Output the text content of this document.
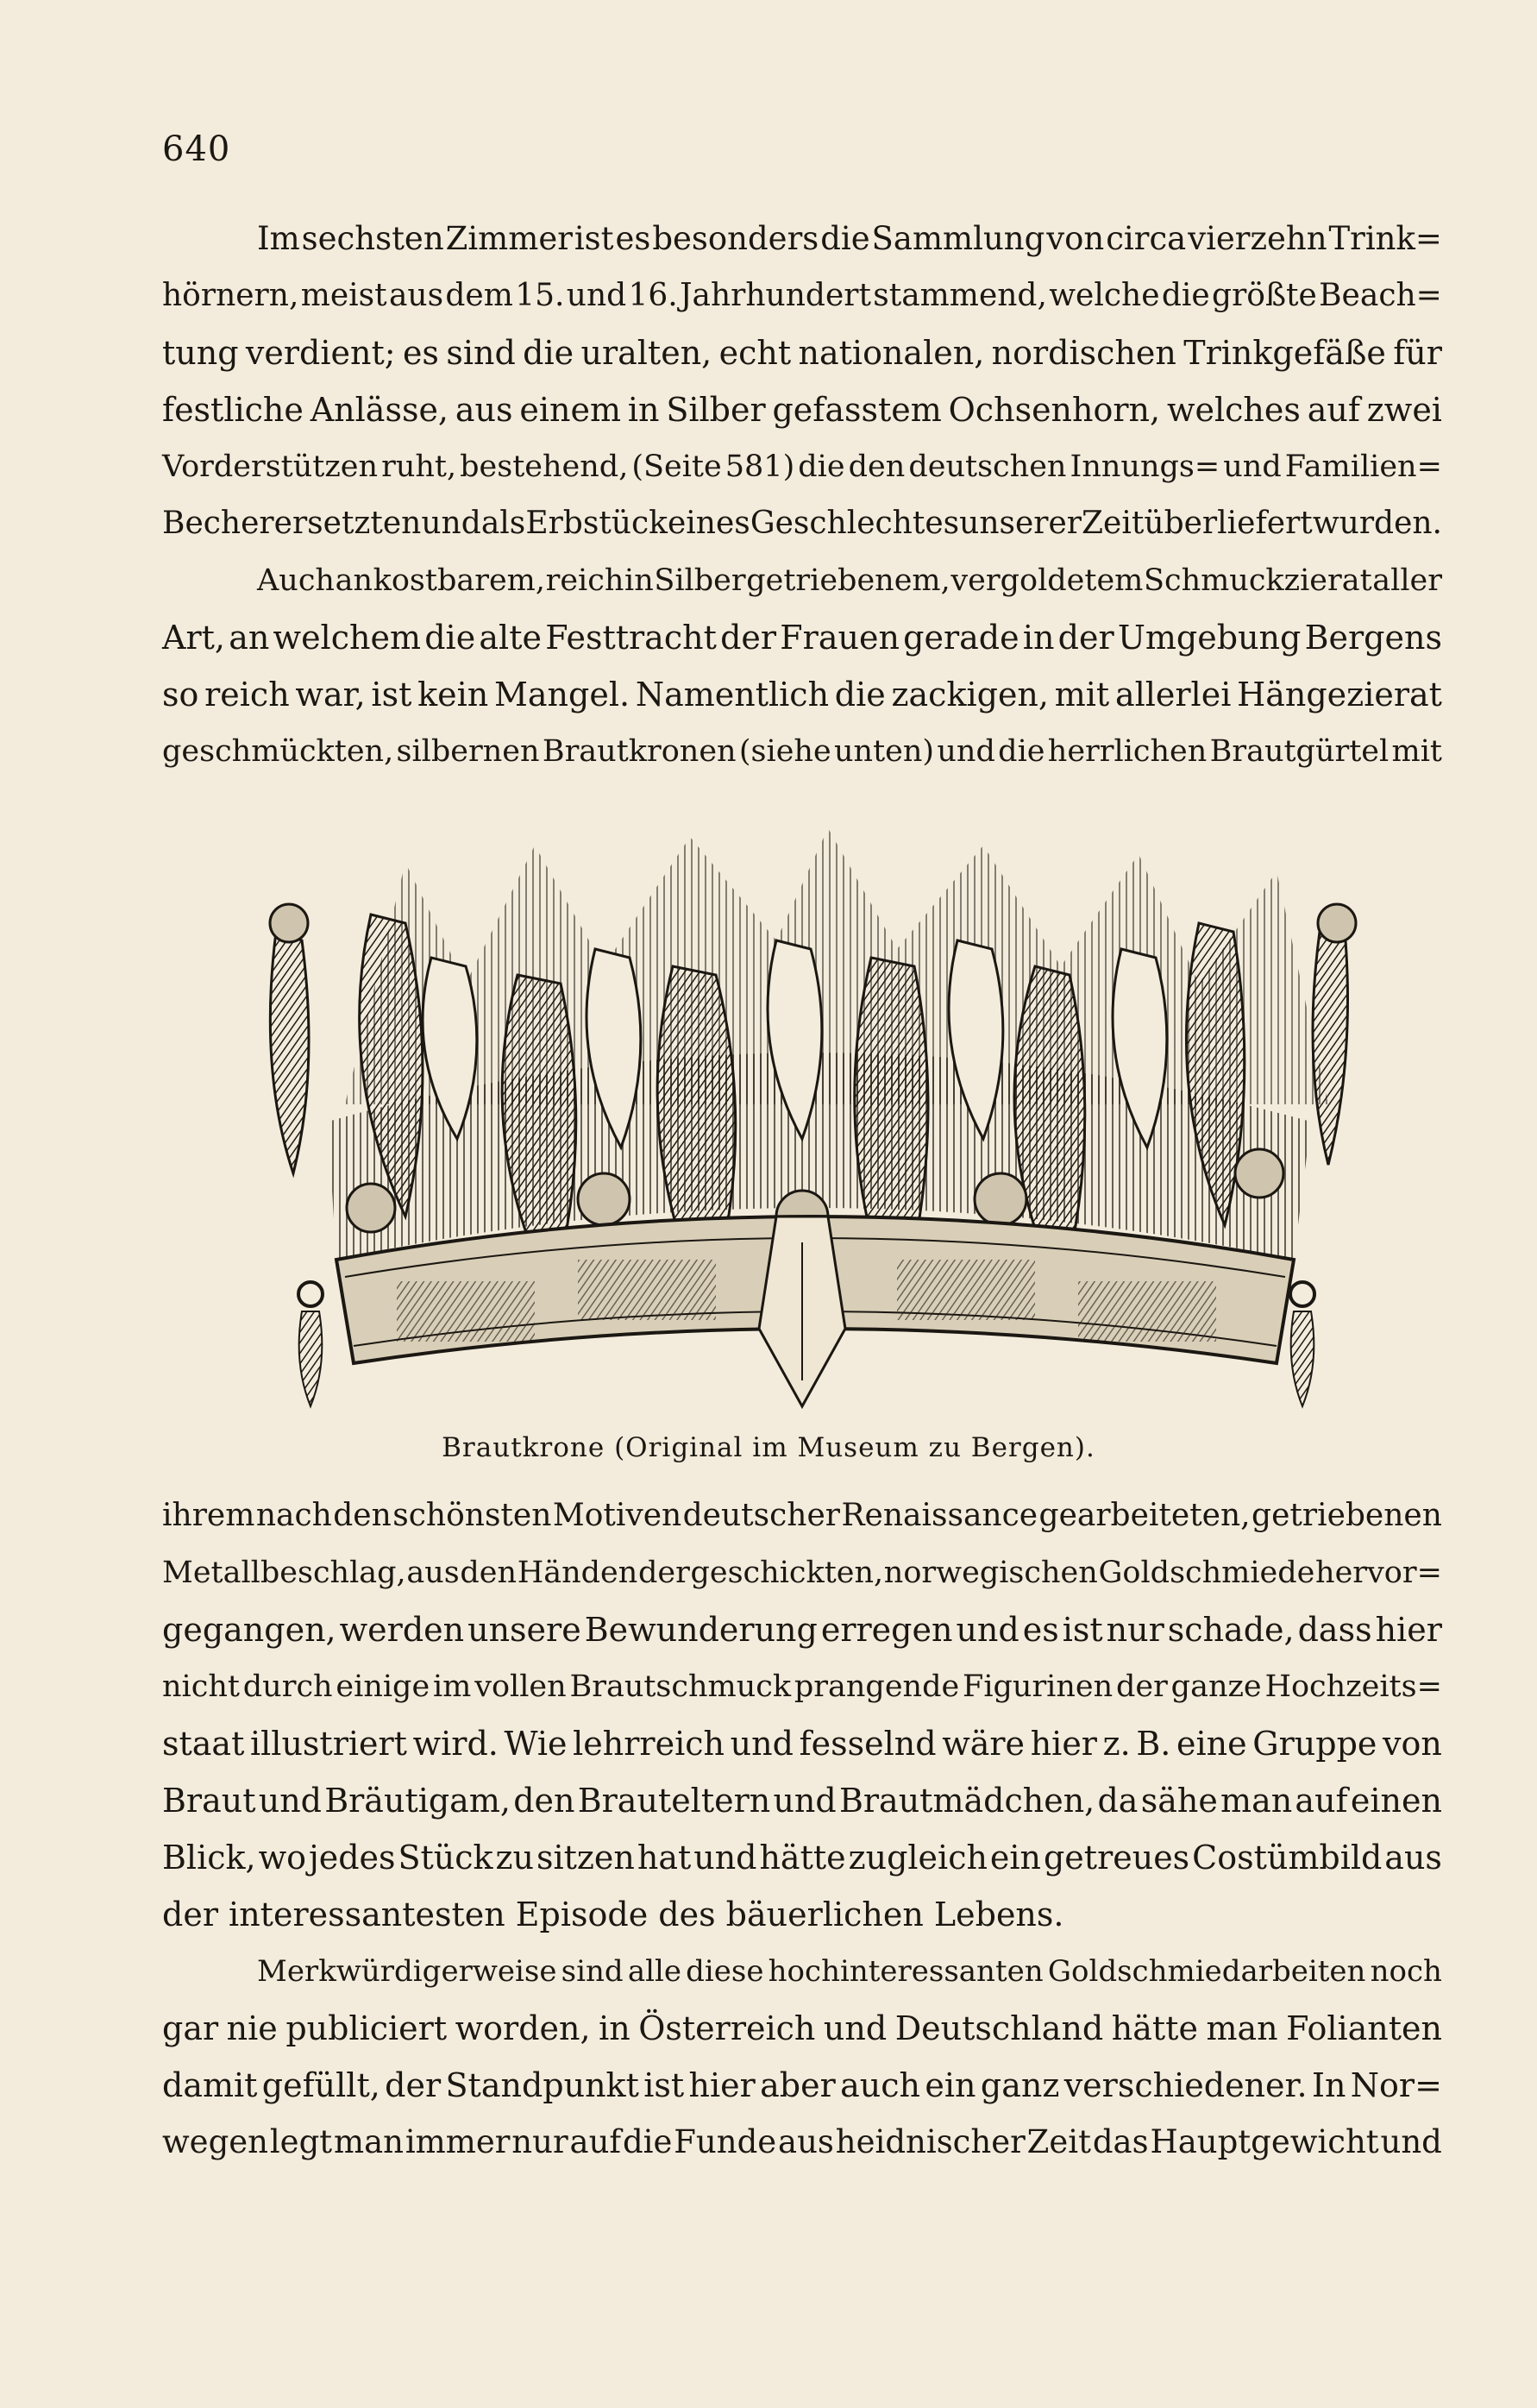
640
Im sechsten Zimmer ist es besonders die Sammlung von circa vierzehn Trink=
hörnern, meist aus dem 15. und 16. Jahrhundert stammend, welche die größte Beach=
tung verdient; es sind die uralten, echt nationalen, nordischen Trinkgefäße für
festliche Anlässe, aus einem in Silber gefasstem Ochsenhorn, welches auf zwei
Vorderstützen ruht, bestehend, (Seite 581) die den deutschen Innungs= und Familien=
Becher ersetzten und als Erbstück eines Geschlechtes unserer Zeit überliefert wurden.
Auch an kostbarem, reich in Silber getriebenem, vergoldetem Schmuckzierat aller
Art, an welchem die alte Festtracht der Frauen gerade in der Umgebung Bergens
so reich war, ist kein Mangel. Namentlich die zackigen, mit allerlei Hängezierat
geschmückten, silbernen Brautkronen (siehe unten) und die herrlichen Brautgürtel mit
Brautkrone (Original im Museum zu Bergen).
ihrem nach den schönsten Motiven deutscher Renaissance gearbeiteten, getriebenen
Metallbeschlag, aus den Händen der geschickten, norwegischen Goldschmiede hervor=
gegangen, werden unsere Bewunderung erregen und es ist nur schade, dass hier
nicht durch einige im vollen Brautschmuck prangende Figurinen der ganze Hochzeits=
staat illustriert wird. Wie lehrreich und fesselnd wäre hier z. B. eine Gruppe von
Braut und Bräutigam, den Brauteltern und Brautmädchen, da sähe man auf einen
Blick, wo jedes Stück zu sitzen hat und hätte zugleich ein getreues Costümbild aus
der interessantesten Episode des bäuerlichen Lebens.
Merkwürdigerweise sind alle diese hochinteressanten Goldschmiedarbeiten noch
gar nie publiciert worden, in Österreich und Deutschland hätte man Folianten
damit gefüllt, der Standpunkt ist hier aber auch ein ganz verschiedener. In Nor=
wegen legt man immer nur auf die Funde aus heidnischer Zeit das Hauptgewicht und
